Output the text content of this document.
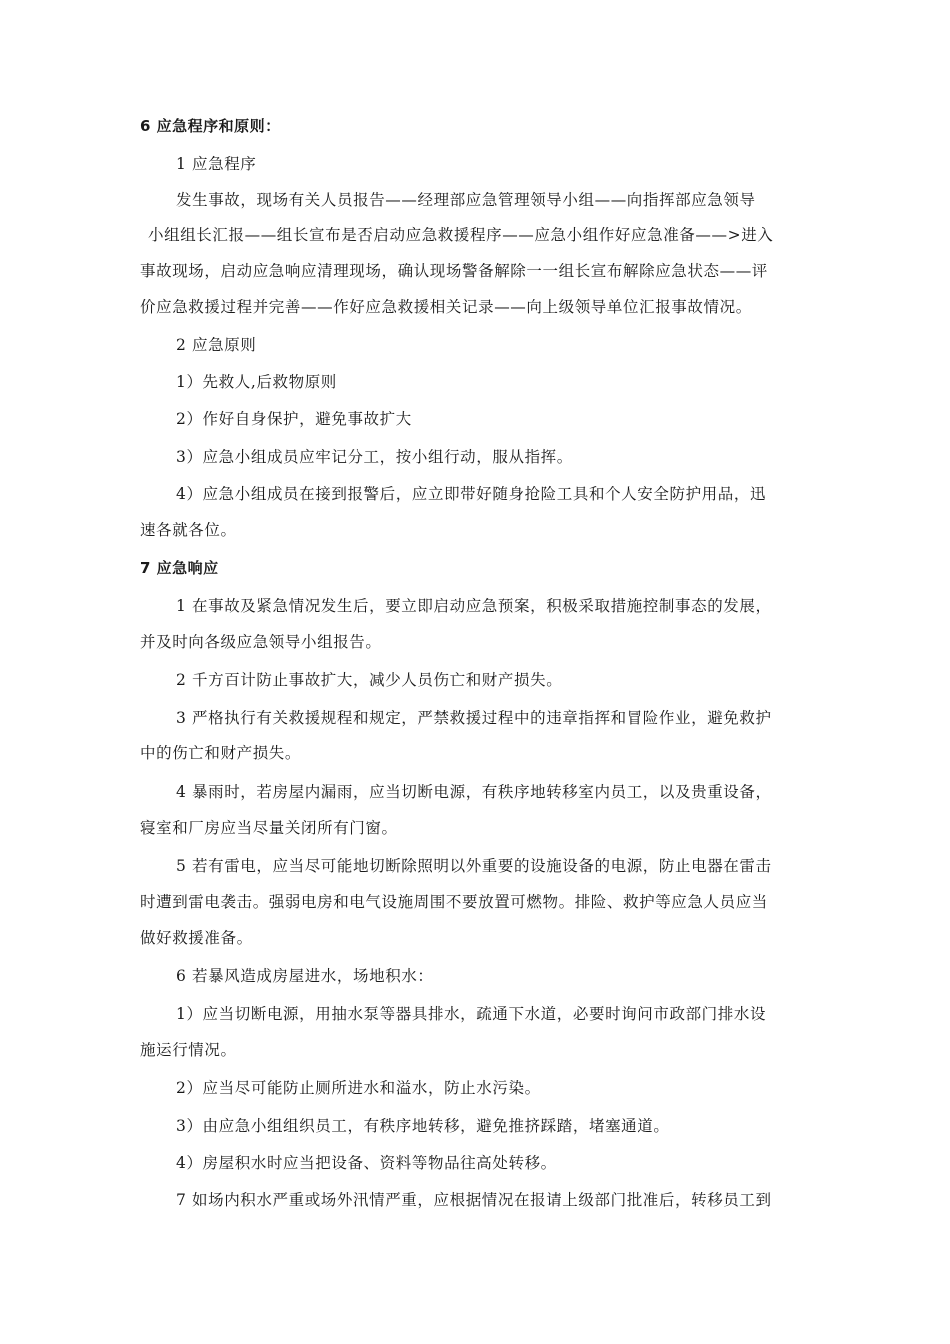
6 应急程序和原则：
1 应急程序
发生事故，现场有关人员报告——经理部应急管理领导小组——向指挥部应急领导
小组组长汇报——组长宣布是否启动应急救援程序——应急小组作好应急准备——>进入
事故现场，启动应急响应清理现场，确认现场警备解除一一组长宣布解除应急状态——评
价应急救援过程并完善——作好应急救援相关记录——向上级领导单位汇报事故情况。
2 应急原则
1）先救人,后救物原则
2）作好自身保护，避免事故扩大
3）应急小组成员应牢记分工，按小组行动，服从指挥。
4）应急小组成员在接到报警后，应立即带好随身抢险工具和个人安全防护用品，迅
速各就各位。
7 应急响应
1 在事故及紧急情况发生后，要立即启动应急预案，积极采取措施控制事态的发展，
并及时向各级应急领导小组报告。
2 千方百计防止事故扩大，减少人员伤亡和财产损失。
3 严格执行有关救援规程和规定，严禁救援过程中的违章指挥和冒险作业，避免救护
中的伤亡和财产损失。
4 暴雨时，若房屋内漏雨，应当切断电源，有秩序地转移室内员工，以及贵重设备，
寝室和厂房应当尽量关闭所有门窗。
5 若有雷电，应当尽可能地切断除照明以外重要的设施设备的电源，防止电器在雷击
时遭到雷电袭击。强弱电房和电气设施周围不要放置可燃物。排险、救护等应急人员应当
做好救援准备。
6 若暴风造成房屋进水，场地积水：
1）应当切断电源，用抽水泵等器具排水，疏通下水道，必要时询问市政部门排水设
施运行情况。
2）应当尽可能防止厕所进水和溢水，防止水污染。
3）由应急小组组织员工，有秩序地转移，避免推挤踩踏，堵塞通道。
4）房屋积水时应当把设备、资料等物品往高处转移。
7 如场内积水严重或场外汛情严重，应根据情况在报请上级部门批准后，转移员工到
